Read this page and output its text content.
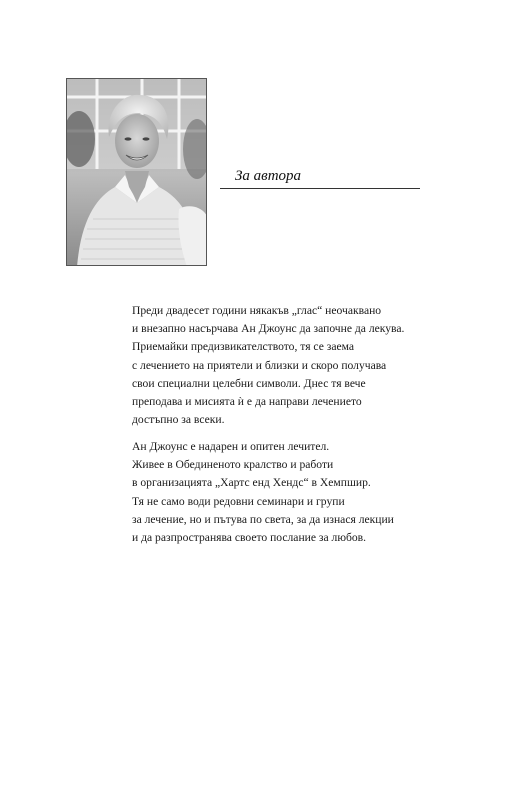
За автора
Преди двадесет години някакъв „глас“ неочаквано
и внезапно насърчава Ан Джоунс да започне да лекува.
Приемайки предизвикателството, тя се заема
с лечението на приятели и близки и скоро получава
свои специални целебни символи. Днес тя вече
преподава и мисията ѝ е да направи лечението
достъпно за всеки.
Ан Джоунс е надарен и опитен лечител.
Живее в Обединеното кралство и работи
в организацията „Хартс енд Хендс“ в Хемпшир.
Тя не само води редовни семинари и групи
за лечение, но и пътува по света, за да изнася лекции
и да разпространява своето послание за любов.
